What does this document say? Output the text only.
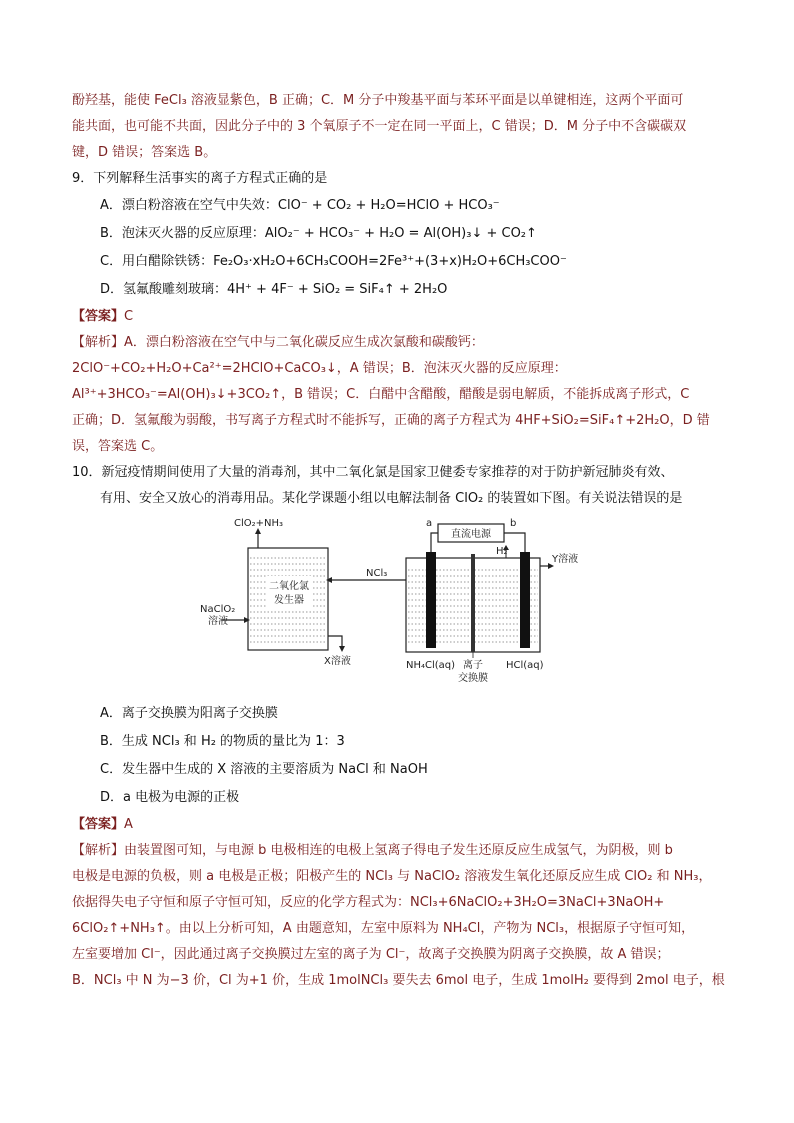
酚羟基，能使 FeCl₃ 溶液显紫色，B 正确；C．M 分子中羧基平面与苯环平面是以单键相连，这两个平面可

能共面，也可能不共面，因此分子中的 3 个氧原子不一定在同一平面上，C 错误；D．M 分子中不含碳碳双

键，D 错误；答案选 B。

9．下列解释生活事实的离子方程式正确的是

A．漂白粉溶液在空气中失效：ClO⁻ + CO₂ + H₂O=HClO + HCO₃⁻

B．泡沫灭火器的反应原理：AlO₂⁻ + HCO₃⁻ + H₂O = Al(OH)₃↓ + CO₂↑

C．用白醋除铁锈：Fe₂O₃·xH₂O+6CH₃COOH=2Fe³⁺+(3+x)H₂O+6CH₃COO⁻

D．氢氟酸雕刻玻璃：4H⁺ + 4F⁻ + SiO₂ = SiF₄↑ + 2H₂O

【答案】C

【解析】A．漂白粉溶液在空气中与二氧化碳反应生成次氯酸和碳酸钙：

2ClO⁻+CO₂+H₂O+Ca²⁺=2HClO+CaCO₃↓，A 错误；B．泡沫灭火器的反应原理：

Al³⁺+3HCO₃⁻=Al(OH)₃↓+3CO₂↑，B 错误；C．白醋中含醋酸，醋酸是弱电解质，不能拆成离子形式，C

正确；D．氢氟酸为弱酸，书写离子方程式时不能拆写，正确的离子方程式为 4HF+SiO₂=SiF₄↑+2H₂O，D 错

误，答案选 C。

10．新冠疫情期间使用了大量的消毒剂，其中二氧化氯是国家卫健委专家推荐的对于防护新冠肺炎有效、

有用、安全又放心的消毒用品。某化学课题小组以电解法制备 ClO₂ 的装置如下图。有关说法错误的是

二氧化氯
发生器
ClO₂+NH₃
NaClO₂
溶液
X溶液
NCl₃
直流电源
a	b
H₂
Y溶液
NH₄Cl(aq) 离子
交换膜
HCl(aq)

A．离子交换膜为阳离子交换膜

B．生成 NCl₃ 和 H₂ 的物质的量比为 1：3

C．发生器中生成的 X 溶液的主要溶质为 NaCl 和 NaOH

D．a 电极为电源的正极

【答案】A

【解析】由装置图可知，与电源 b 电极相连的电极上氢离子得电子发生还原反应生成氢气，为阴极，则 b

电极是电源的负极，则 a 电极是正极；阳极产生的 NCl₃ 与 NaClO₂ 溶液发生氧化还原反应生成 ClO₂ 和 NH₃，

依据得失电子守恒和原子守恒可知，反应的化学方程式为：NCl₃+6NaClO₂+3H₂O=3NaCl+3NaOH+

6ClO₂↑+NH₃↑。由以上分析可知，A 由题意知，左室中原料为 NH₄Cl，产物为 NCl₃，根据原子守恒可知，

左室要增加 Cl⁻，因此通过离子交换膜过左室的离子为 Cl⁻，故离子交换膜为阴离子交换膜，故 A 错误；

B．NCl₃ 中 N 为−3 价，Cl 为+1 价，生成 1molNCl₃ 要失去 6mol 电子，生成 1molH₂ 要得到 2mol 电子，根
